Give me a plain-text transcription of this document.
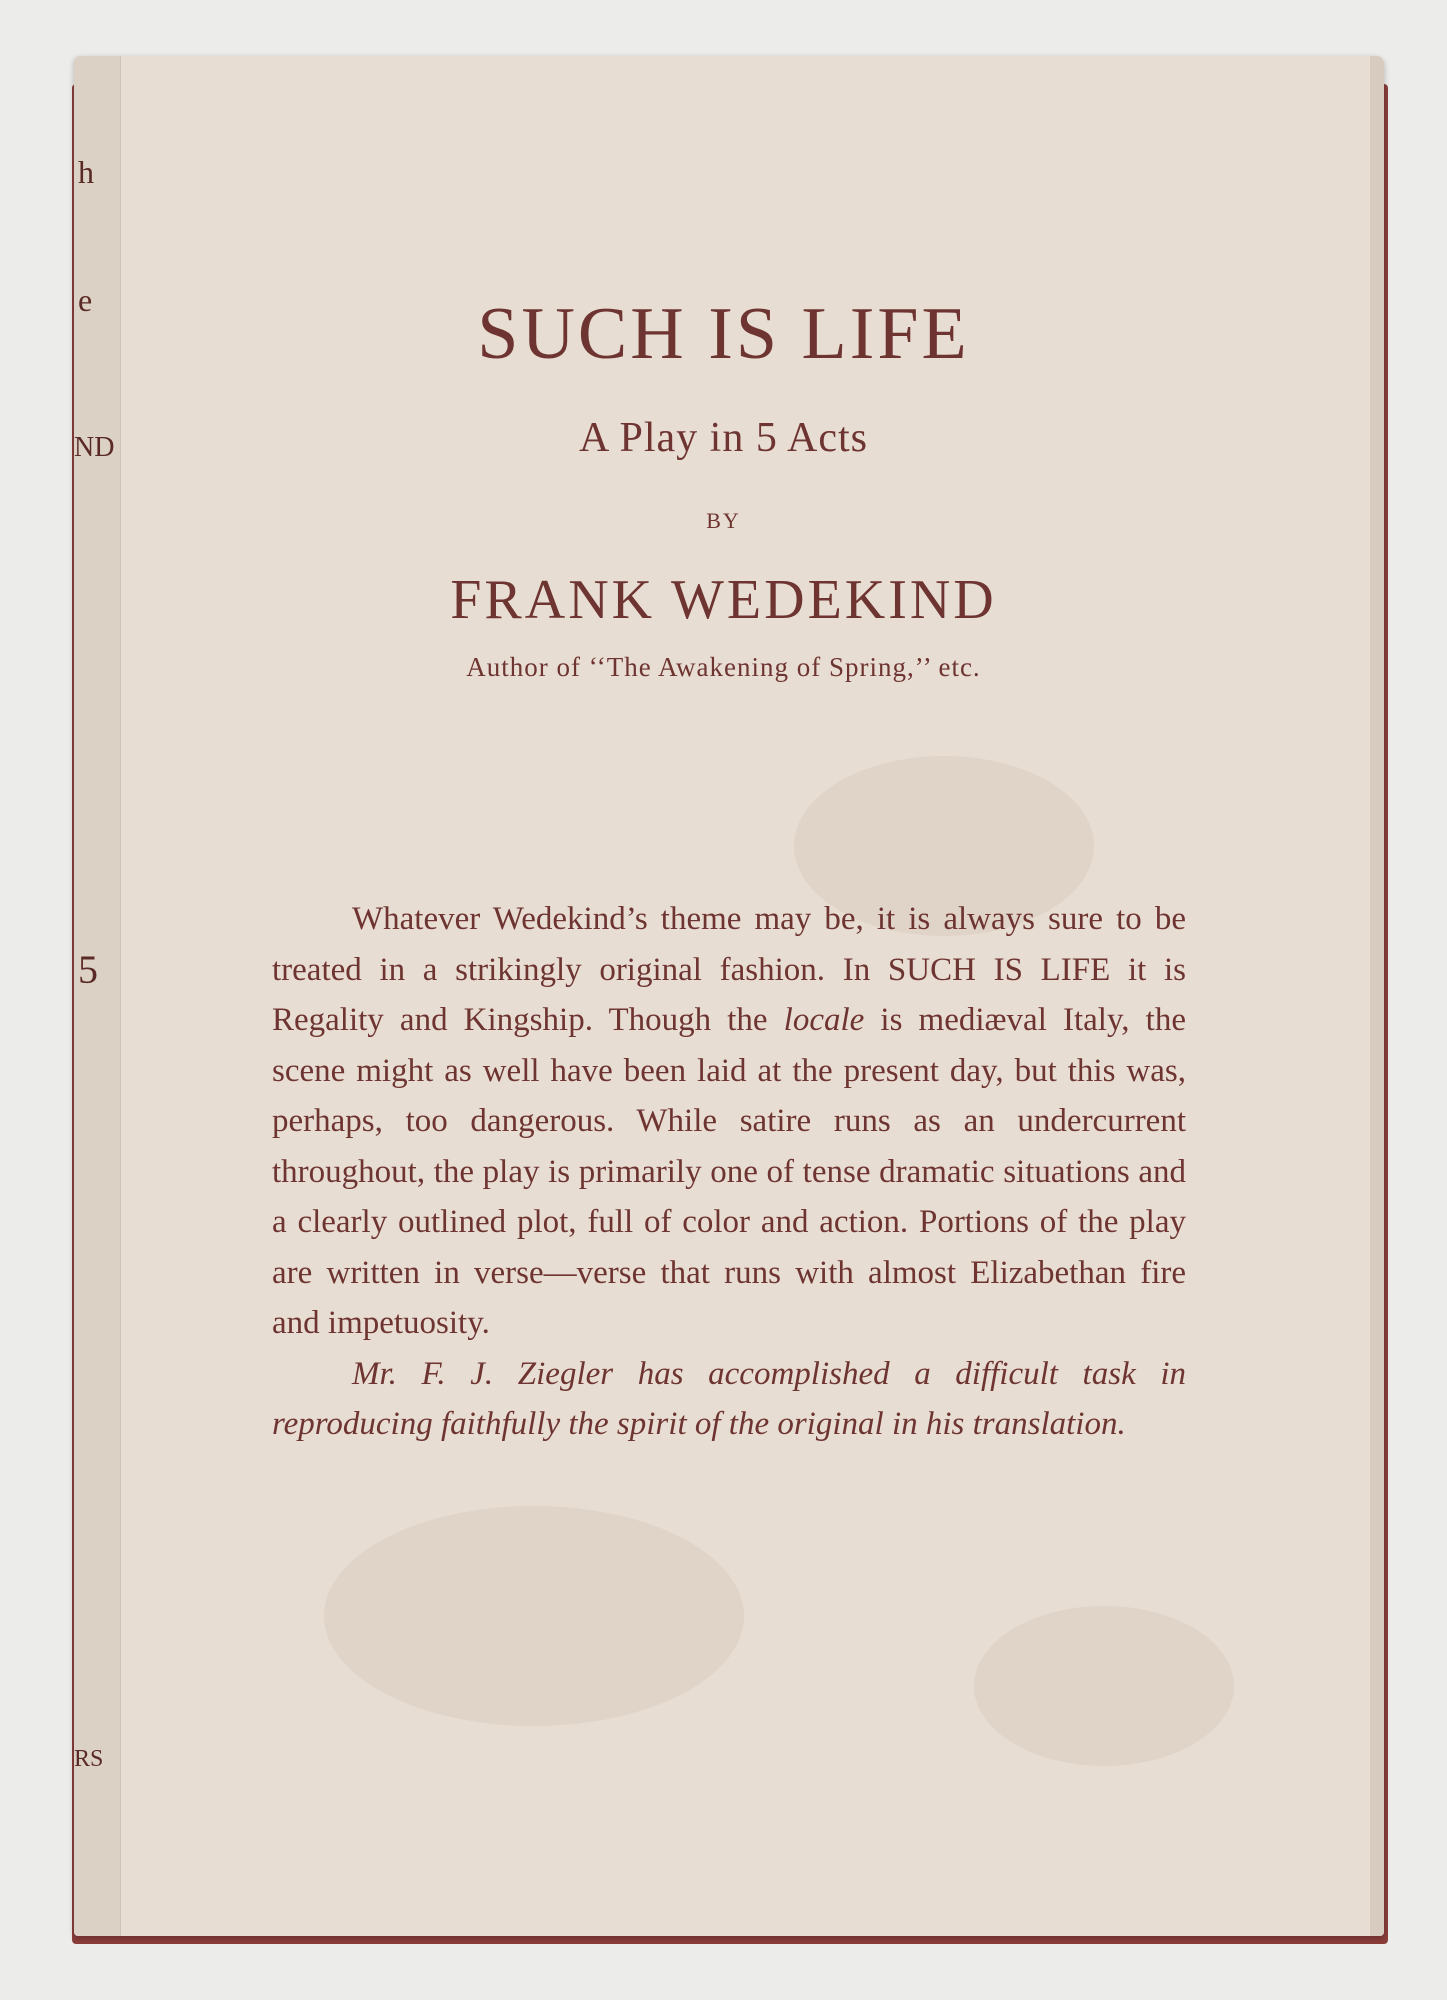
h
e
ND
5
RS
SUCH IS LIFE
A Play in 5 Acts
BY
FRANK WEDEKIND
Author of ‘‘The Awakening of Spring,’’ etc.

Whatever Wedekind’s theme may be, it is always sure to be treated in a strikingly original fashion. In SUCH IS LIFE it is Regality and Kingship. Though the locale is mediæval Italy, the scene might as well have been laid at the present day, but this was, perhaps, too dangerous. While satire runs as an undercurrent throughout, the play is primarily one of tense dramatic situations and a clearly outlined plot, full of color and action. Portions of the play are written in verse—verse that runs with almost Elizabethan fire and impetuosity.

Mr. F. J. Ziegler has accomplished a difficult task in reproducing faithfully the spirit of the original in his translation.
